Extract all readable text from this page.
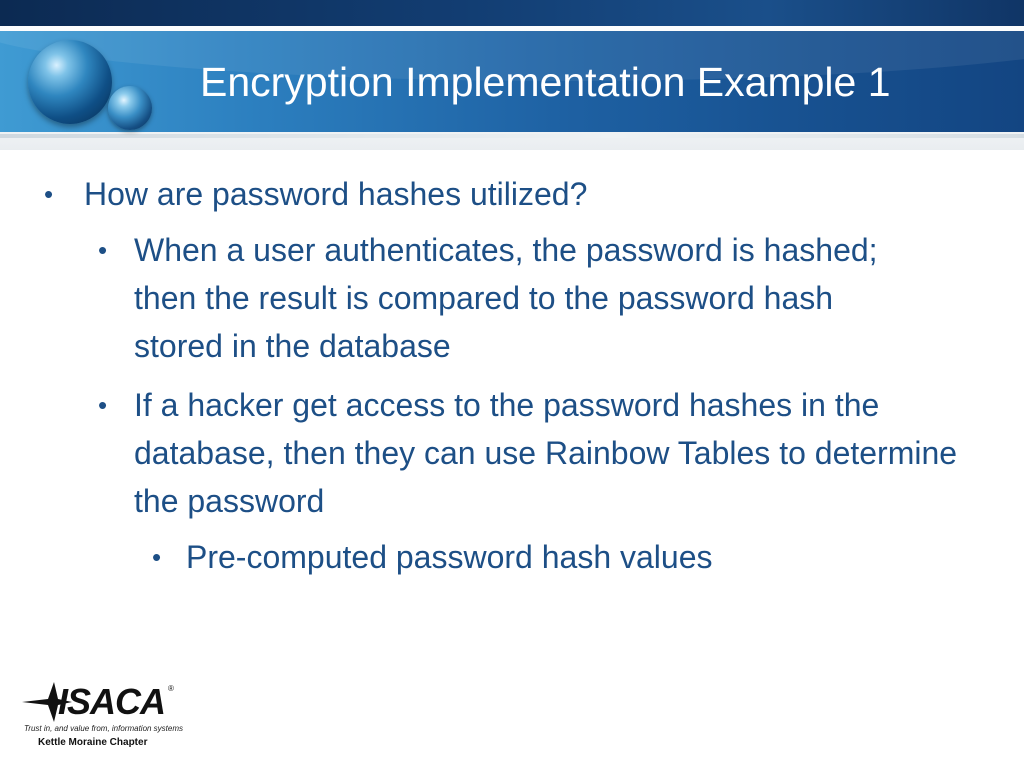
Encryption Implementation Example 1
• How are password hashes utilized?
• When a user authenticates, the password is hashed; then the result is compared to the password hash stored in the database
• If a hacker get access to the password hashes in the database, then they can use Rainbow Tables to determine the password
• Pre-computed password hash values
ISACA ®
Trust in, and value from, information systems
Kettle Moraine Chapter
